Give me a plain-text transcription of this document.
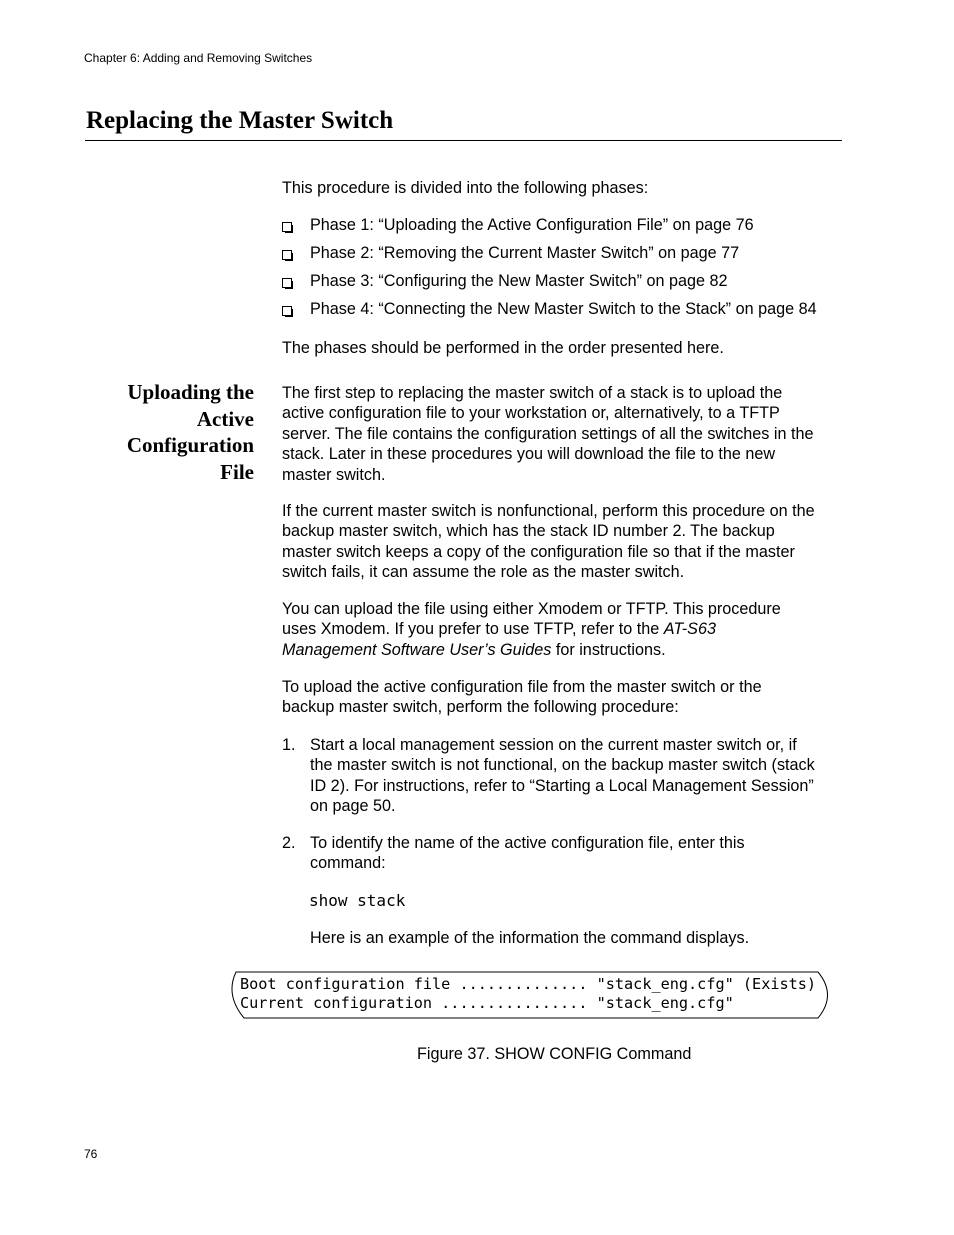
Chapter 6: Adding and Removing Switches
Replacing the Master Switch
This procedure is divided into the following phases:
Phase 1: “Uploading the Active Configuration File” on page 76
Phase 2: “Removing the Current Master Switch” on page 77
Phase 3: “Configuring the New Master Switch” on page 82
Phase 4: “Connecting the New Master Switch to the Stack” on page 84
The phases should be performed in the order presented here.
Uploading the
Active
Configuration
File
The first step to replacing the master switch of a stack is to upload the
active configuration file to your workstation or, alternatively, to a TFTP
server. The file contains the configuration settings of all the switches in the
stack. Later in these procedures you will download the file to the new
master switch.
If the current master switch is nonfunctional, perform this procedure on the
backup master switch, which has the stack ID number 2. The backup
master switch keeps a copy of the configuration file so that if the master
switch fails, it can assume the role as the master switch.
You can upload the file using either Xmodem or TFTP. This procedure
uses Xmodem. If you prefer to use TFTP, refer to the AT-S63
Management Software User’s Guides for instructions.
To upload the active configuration file from the master switch or the
backup master switch, perform the following procedure:
1. Start a local management session on the current master switch or, if
the master switch is not functional, on the backup master switch (stack
ID 2). For instructions, refer to “Starting a Local Management Session”
on page 50.
2. To identify the name of the active configuration file, enter this
command:
show stack
Here is an example of the information the command displays.
Boot configuration file .............. "stack_eng.cfg" (Exists)
Current configuration ................ "stack_eng.cfg"
Figure 37. SHOW CONFIG Command
76
